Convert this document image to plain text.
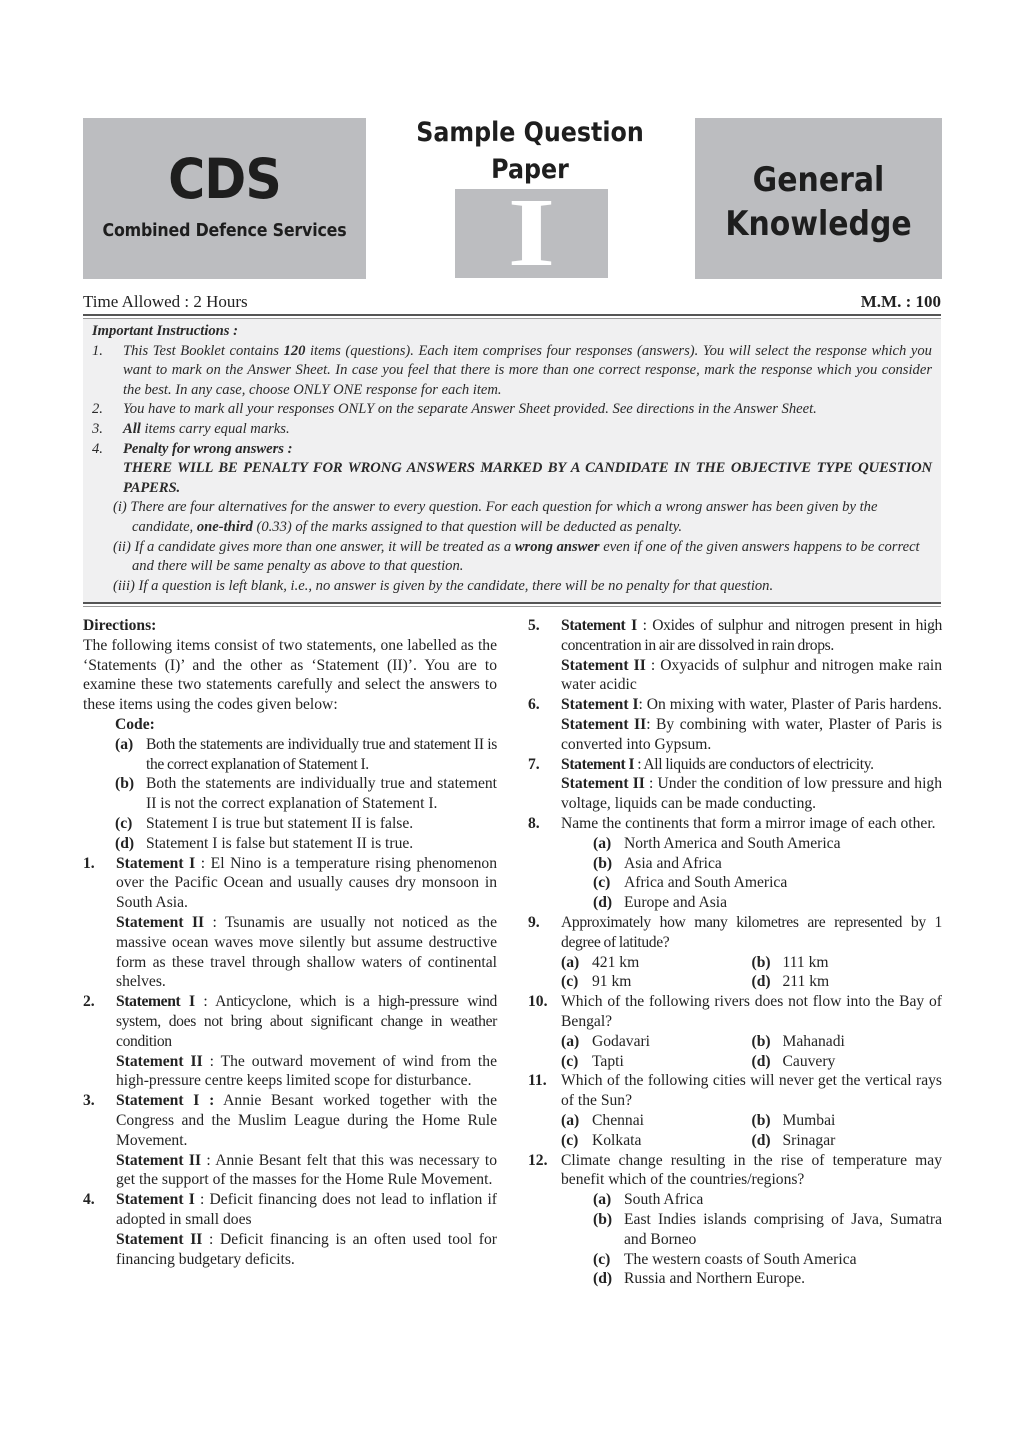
CDS
Combined Defence Services
Sample Question
Paper
I	General
Knowledge
Time Allowed : 2 Hours	M.M. : 100
Important Instructions :
1.	This Test Booklet contains 120 items (questions). Each item comprises four responses (answers). You will select the response which you want to mark on the Answer Sheet. In case you feel that there is more than one correct response, mark the response which you consider the best. In any case, choose ONLY ONE response for each item.
2.	You have to mark all your responses ONLY on the separate Answer Sheet provided. See directions in the Answer Sheet.
3.	All items carry equal marks.
4.	Penalty for wrong answers :
THERE WILL BE PENALTY FOR WRONG ANSWERS MARKED BY A CANDIDATE IN THE OBJECTIVE TYPE QUESTION PAPERS.
(i) There are four alternatives for the answer to every question. For each question for which a wrong answer has been given by the candidate, one-third (0.33) of the marks assigned to that question will be deducted as penalty.
(ii) If a candidate gives more than one answer, it will be treated as a wrong answer even if one of the given answers happens to be correct and there will be same penalty as above to that question.
(iii) If a question is left blank, i.e., no answer is given by the candidate, there will be no penalty for that question.
Directions:
The following items consist of two statements, one labelled as the ‘Statements (I)’ and the other as ‘Statement (II)’. You are to examine these two statements carefully and select the answers to these items using the codes given below:
Code:
(a) Both the statements are individually true and statement II is the correct explanation of Statement I.
(b) Both the statements are individually true and statement II is not the correct explanation of Statement I.
(c) Statement I is true but statement II is false.
(d) Statement I is false but statement II is true.
1.	Statement I : El Nino is a temperature rising phenomenon over the Pacific Ocean and usually causes dry monsoon in South Asia.
Statement II : Tsunamis are usually not noticed as the massive ocean waves move silently but assume destructive form as these travel through shallow waters of continental shelves.
2.	Statement I : Anticyclone, which is a high-pressure wind system, does not bring about significant change in weather condition
Statement II : The outward movement of wind from the high-pressure centre keeps limited scope for disturbance.
3.	Statement I : Annie Besant worked together with the Congress and the Muslim League during the Home Rule Movement.
Statement II : Annie Besant felt that this was necessary to get the support of the masses for the Home Rule Movement.
4.	Statement I : Deficit financing does not lead to inflation if adopted in small does
Statement II : Deficit financing is an often used tool for financing budgetary deficits.
5.	Statement I : Oxides of sulphur and nitrogen present in high concentration in air are dissolved in rain drops.
Statement II : Oxyacids of sulphur and nitrogen make rain water acidic
6.	Statement I: On mixing with water, Plaster of Paris hardens.
Statement II: By combining with water, Plaster of Paris is converted into Gypsum.
7.	Statement I : All liquids are conductors of electricity.
Statement II : Under the condition of low pressure and high voltage, liquids can be made conducting.
8.	Name the continents that form a mirror image of each other.
(a) North America and South America
(b) Asia and Africa
(c) Africa and South America
(d) Europe and Asia
9.	Approximately how many kilometres are represented by 1 degree of latitude?
(a) 421 km	(b) 111 km
(c) 91 km	(d) 211 km
10. Which of the following rivers does not flow into the Bay of Bengal?
(a) Godavari	(b) Mahanadi
(c) Tapti	(d) Cauvery
11. Which of the following cities will never get the vertical rays of the Sun?
(a) Chennai	(b) Mumbai
(c) Kolkata	(d) Srinagar
12. Climate change resulting in the rise of temperature may benefit which of the countries/regions?
(a) South Africa
(b) East Indies islands comprising of Java, Sumatra and Borneo
(c) The western coasts of South America
(d) Russia and Northern Europe.
